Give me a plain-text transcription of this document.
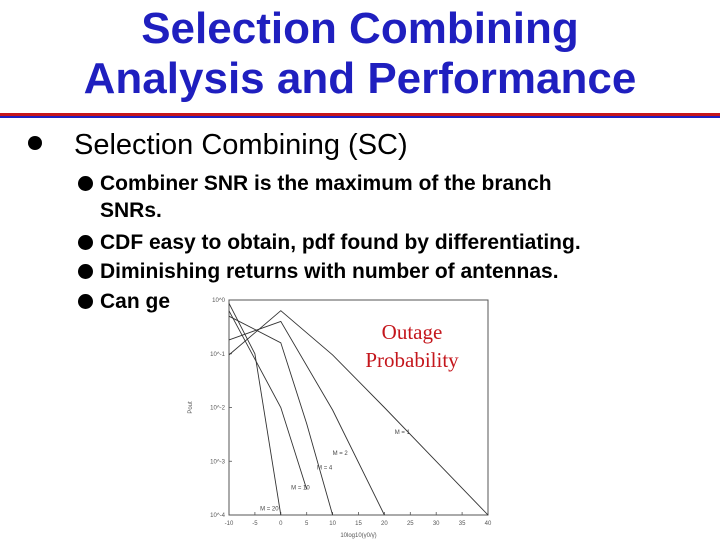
Selection Combining
Analysis and Performance
Selection Combining (SC)
Combiner SNR is the maximum of the branch
SNRs.
CDF easy to obtain, pdf found by differentiating.
Diminishing returns with number of antennas.
Can ge
-10	-5	0	5	10	15	20	25	30	35	40
10^0
10^-1
10^-2
10^-3
10^-4
Pout
10log10(γ0/γ̄)
M = 1
M = 2
M = 4
M = 10
M = 20
Outage
Probability
